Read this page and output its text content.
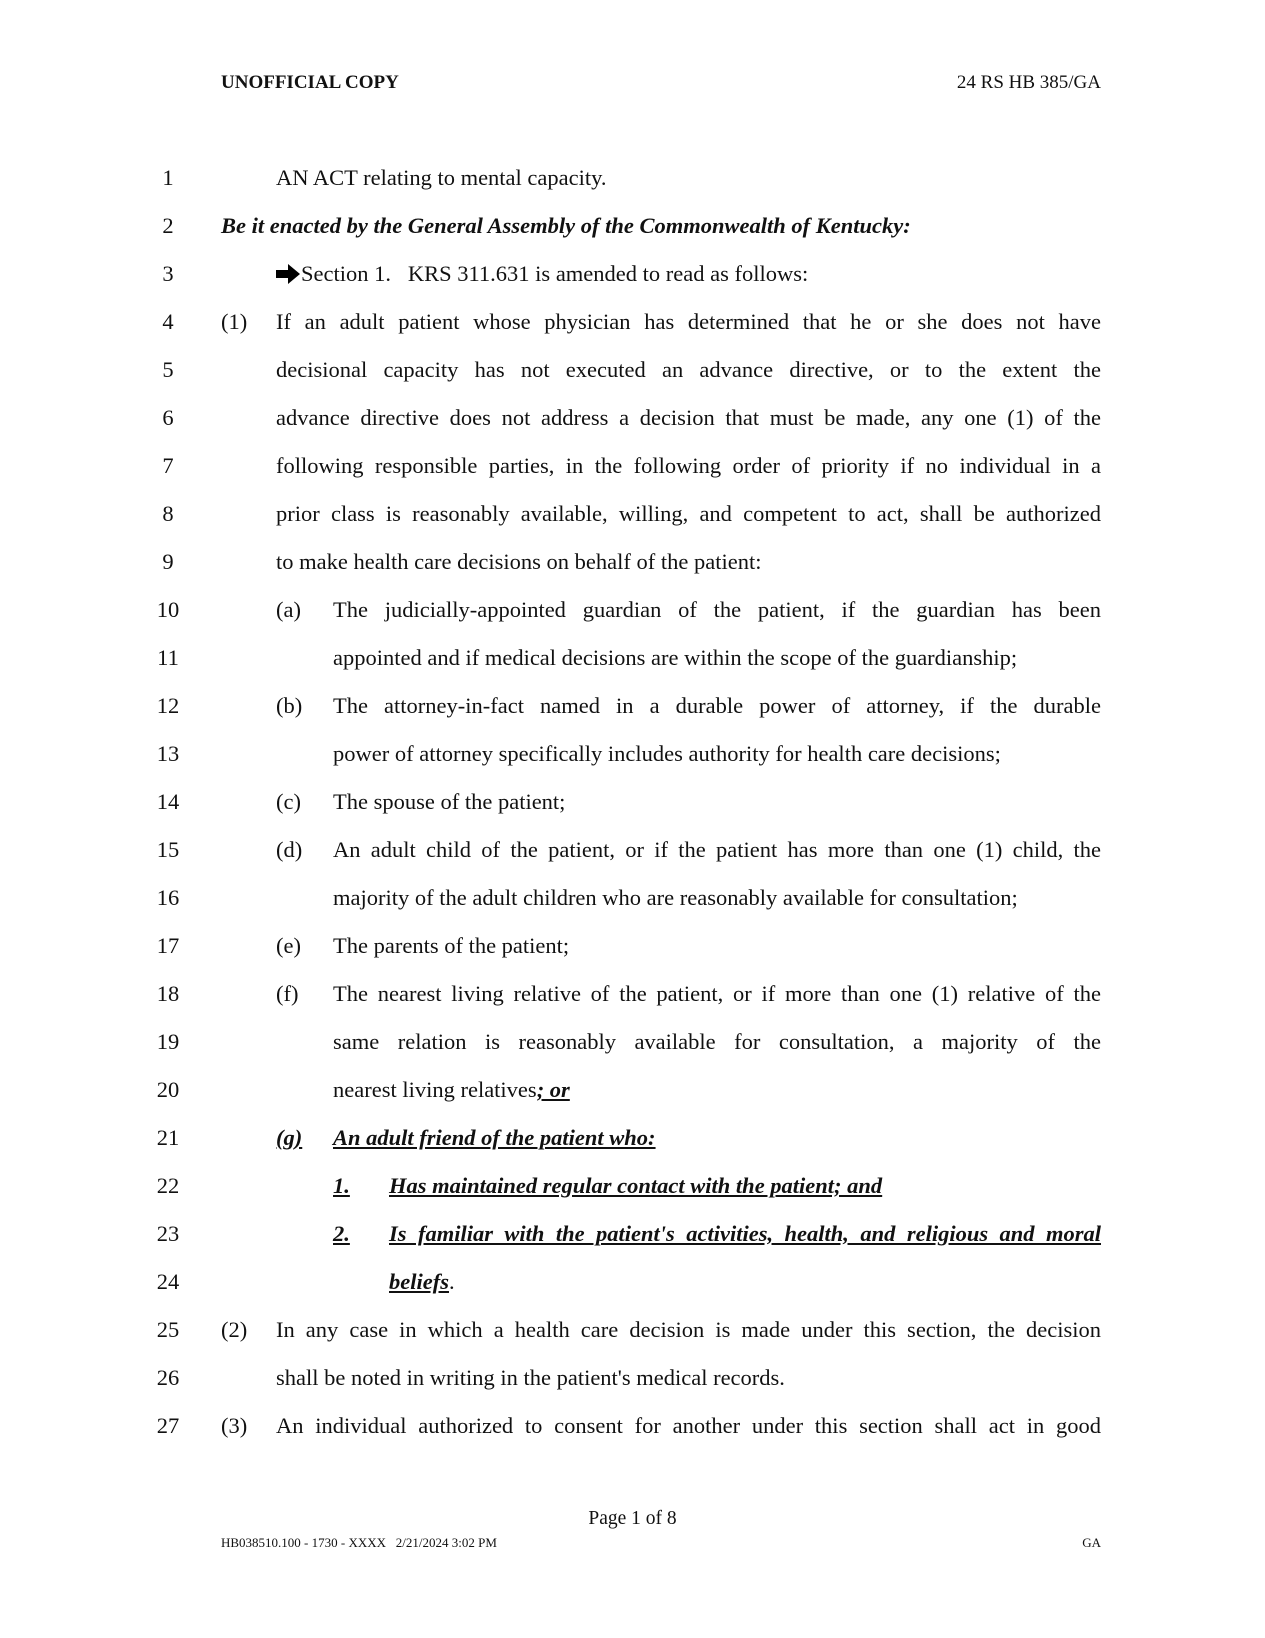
UNOFFICIAL COPY	24 RS HB 385/GA
1	AN ACT relating to mental capacity.
2	Be it enacted by the General Assembly of the Commonwealth of Kentucky:
3	Section 1. KRS 311.631 is amended to read as follows:
4	(1) If an adult patient whose physician has determined that he or she does not have
5	decisional capacity has not executed an advance directive, or to the extent the
6	advance directive does not address a decision that must be made, any one (1) of the
7	following responsible parties, in the following order of priority if no individual in a
8	prior class is reasonably available, willing, and competent to act, shall be authorized
9	to make health care decisions on behalf of the patient:
10	(a) The judicially-appointed guardian of the patient, if the guardian has been
11	appointed and if medical decisions are within the scope of the guardianship;
12	(b) The attorney-in-fact named in a durable power of attorney, if the durable
13	power of attorney specifically includes authority for health care decisions;
14	(c) The spouse of the patient;
15	(d) An adult child of the patient, or if the patient has more than one (1) child, the
16	majority of the adult children who are reasonably available for consultation;
17	(e) The parents of the patient;
18	(f) The nearest living relative of the patient, or if more than one (1) relative of the
19	same relation is reasonably available for consultation, a majority of the
20	nearest living relatives; or
21	(g)	An adult friend of the patient who:
22	1.	Has maintained regular contact with the patient; and
23	2.	Is familiar with the patient's activities, health, and religious and moral
24	beliefs.
25	(2) In any case in which a health care decision is made under this section, the decision
26	shall be noted in writing in the patient's medical records.
27	(3) An individual authorized to consent for another under this section shall act in good
Page 1 of 8
HB038510.100 - 1730 - XXXX   2/21/2024 3:02 PM	GA
